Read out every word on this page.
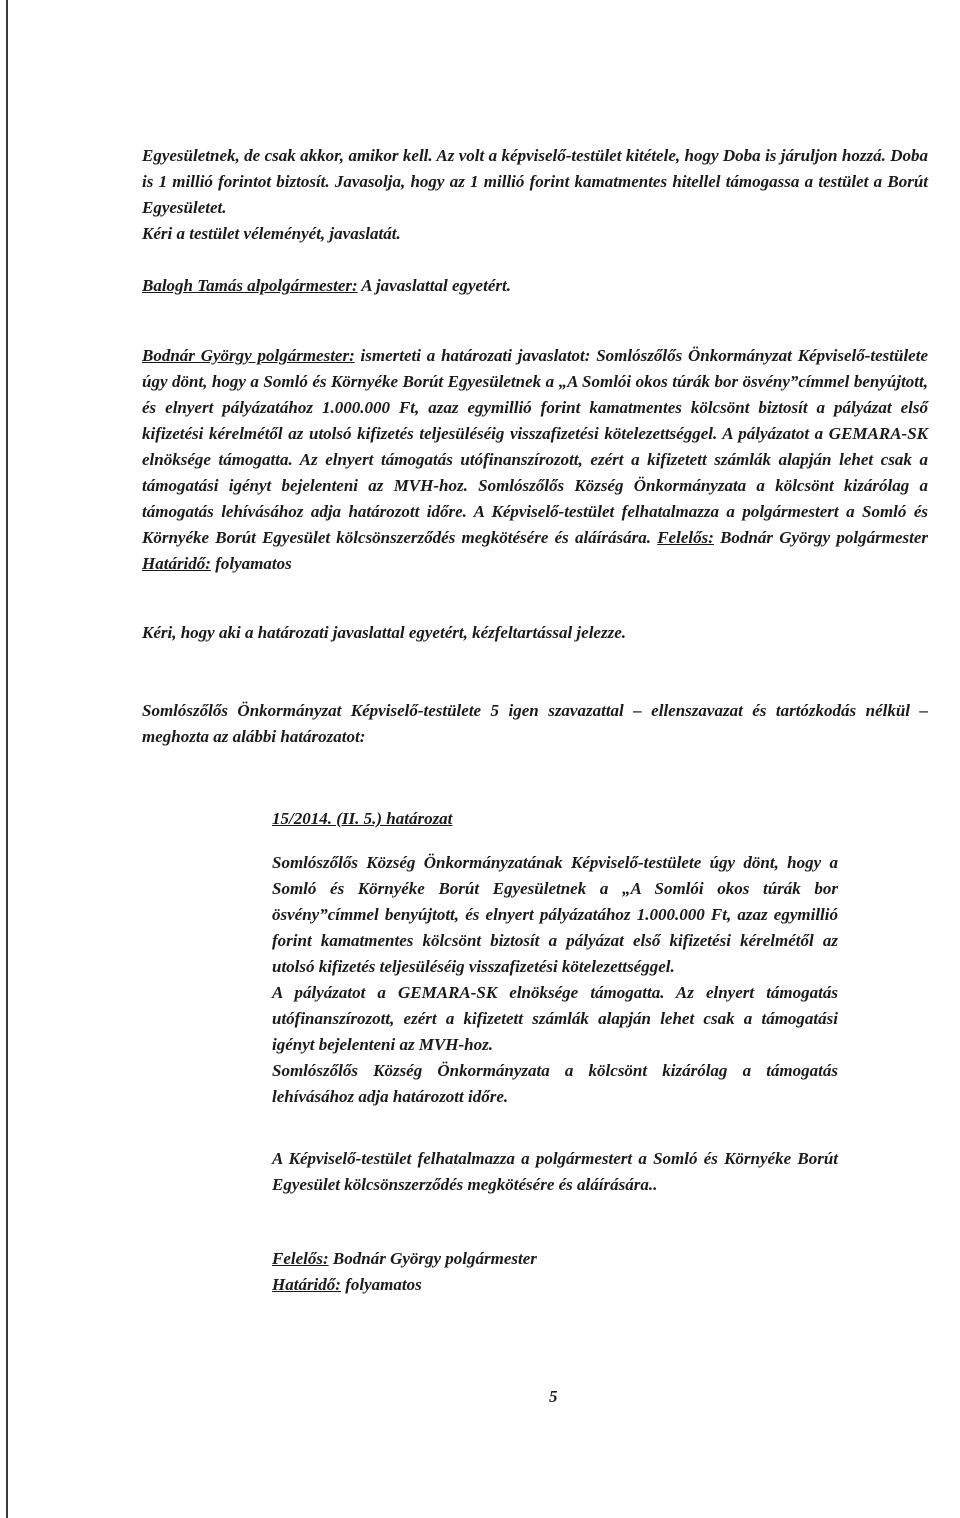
Egyesületnek, de csak akkor, amikor kell. Az volt a képviselő-testület kitétele, hogy Doba is járuljon hozzá. Doba is 1 millió forintot biztosít. Javasolja, hogy az 1 millió forint kamatmentes hitellel támogassa a testület a Borút Egyesületet.

Kéri a testület véleményét, javaslatát.

Balogh Tamás alpolgármester: A javaslattal egyetért.

Bodnár György polgármester: ismerteti a határozati javaslatot: Somlószőlős Önkormányzat Képviselő-testülete úgy dönt, hogy a Somló és Környéke Borút Egyesületnek a „A Somlói okos túrák bor ösvény”címmel benyújtott, és elnyert pályázatához 1.000.000 Ft, azaz egymillió forint kamatmentes kölcsönt biztosít a pályázat első kifizetési kérelmétől az utolsó kifizetés teljesüléséig visszafizetési kötelezettséggel. A pályázatot a GEMARA-SK elnöksége támogatta. Az elnyert támogatás utófinanszírozott, ezért a kifizetett számlák alapján lehet csak a támogatási igényt bejelenteni az MVH-hoz. Somlószőlős Község Önkormányzata a kölcsönt kizárólag a támogatás lehívásához adja határozott időre. A Képviselő-testület felhatalmazza a polgármestert a Somló és Környéke Borút Egyesület kölcsönszerződés megkötésére és aláírására. Felelős: Bodnár György polgármester Határidő: folyamatos

Kéri, hogy aki a határozati javaslattal egyetért, kézfeltartással jelezze.

Somlószőlős Önkormányzat Képviselő-testülete 5 igen szavazattal – ellenszavazat és tartózkodás nélkül – meghozta az alábbi határozatot:

15/2014. (II. 5.) határozat

Somlószőlős Község Önkormányzatának Képviselő-testülete úgy dönt, hogy a Somló és Környéke Borút Egyesületnek a „A Somlói okos túrák bor ösvény”címmel benyújtott, és elnyert pályázatához 1.000.000 Ft, azaz egymillió forint kamatmentes kölcsönt biztosít a pályázat első kifizetési kérelmétől az utolsó kifizetés teljesüléséig visszafizetési kötelezettséggel.

A pályázatot a GEMARA-SK elnöksége támogatta. Az elnyert támogatás utófinanszírozott, ezért a kifizetett számlák alapján lehet csak a támogatási igényt bejelenteni az MVH-hoz.

Somlószőlős Község Önkormányzata a kölcsönt kizárólag a támogatás lehívásához adja határozott időre.

A Képviselő-testület felhatalmazza a polgármestert a Somló és Környéke Borút Egyesület kölcsönszerződés megkötésére és aláírására..

Felelős: Bodnár György polgármester

Határidő: folyamatos

5
